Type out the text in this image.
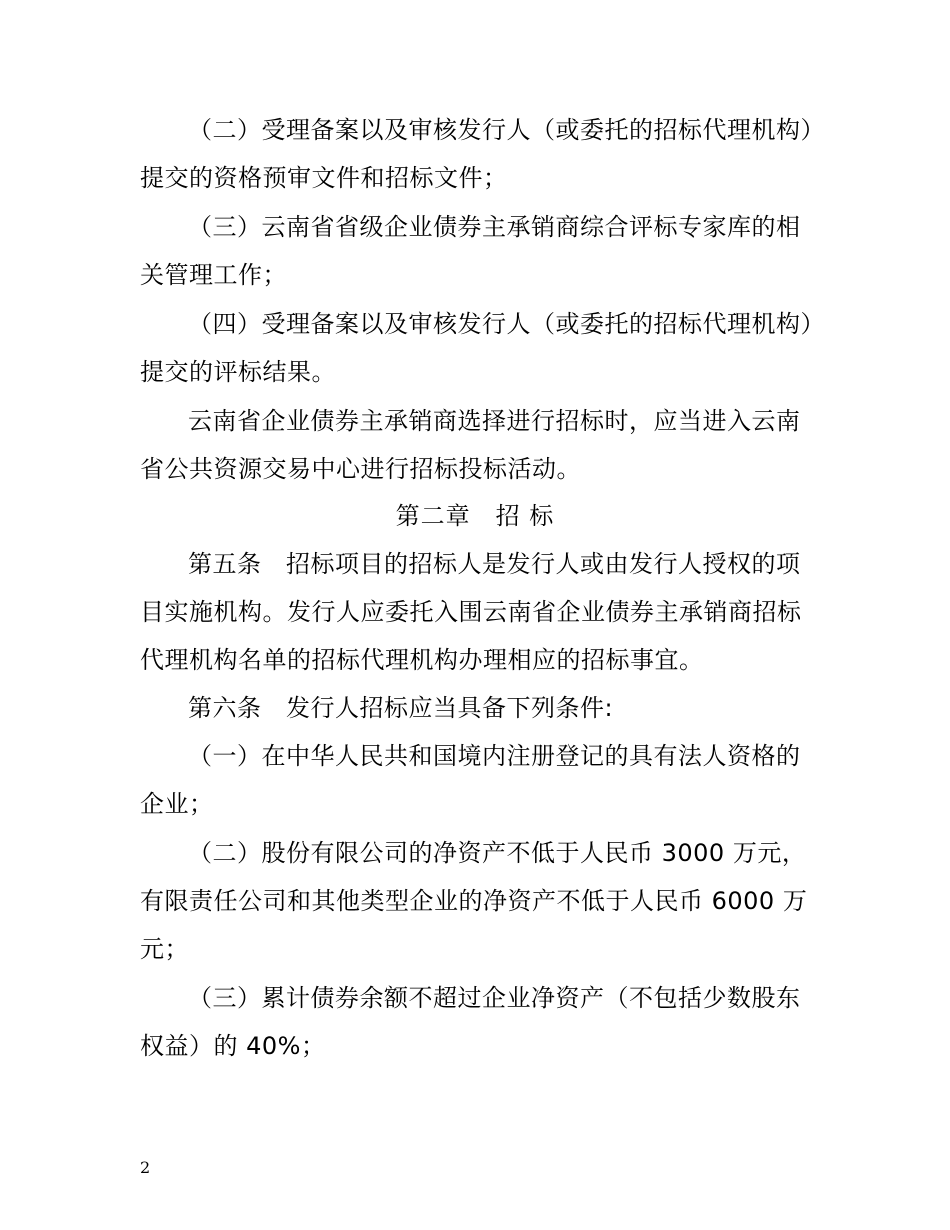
（二）受理备案以及审核发行人（或委托的招标代理机构）
提交的资格预审文件和招标文件；
（三）云南省省级企业债券主承销商综合评标专家库的相
关管理工作；
（四）受理备案以及审核发行人（或委托的招标代理机构）
提交的评标结果。
云南省企业债券主承销商选择进行招标时，应当进入云南
省公共资源交易中心进行招标投标活动。
第二章　招 标
第五条　招标项目的招标人是发行人或由发行人授权的项
目实施机构。发行人应委托入围云南省企业债券主承销商招标
代理机构名单的招标代理机构办理相应的招标事宜。
第六条　发行人招标应当具备下列条件:
（一）在中华人民共和国境内注册登记的具有法人资格的
企业；
（二）股份有限公司的净资产不低于人民币 3000 万元，
有限责任公司和其他类型企业的净资产不低于人民币 6000 万
元；
（三）累计债券余额不超过企业净资产（不包括少数股东
权益）的 40%；
2
